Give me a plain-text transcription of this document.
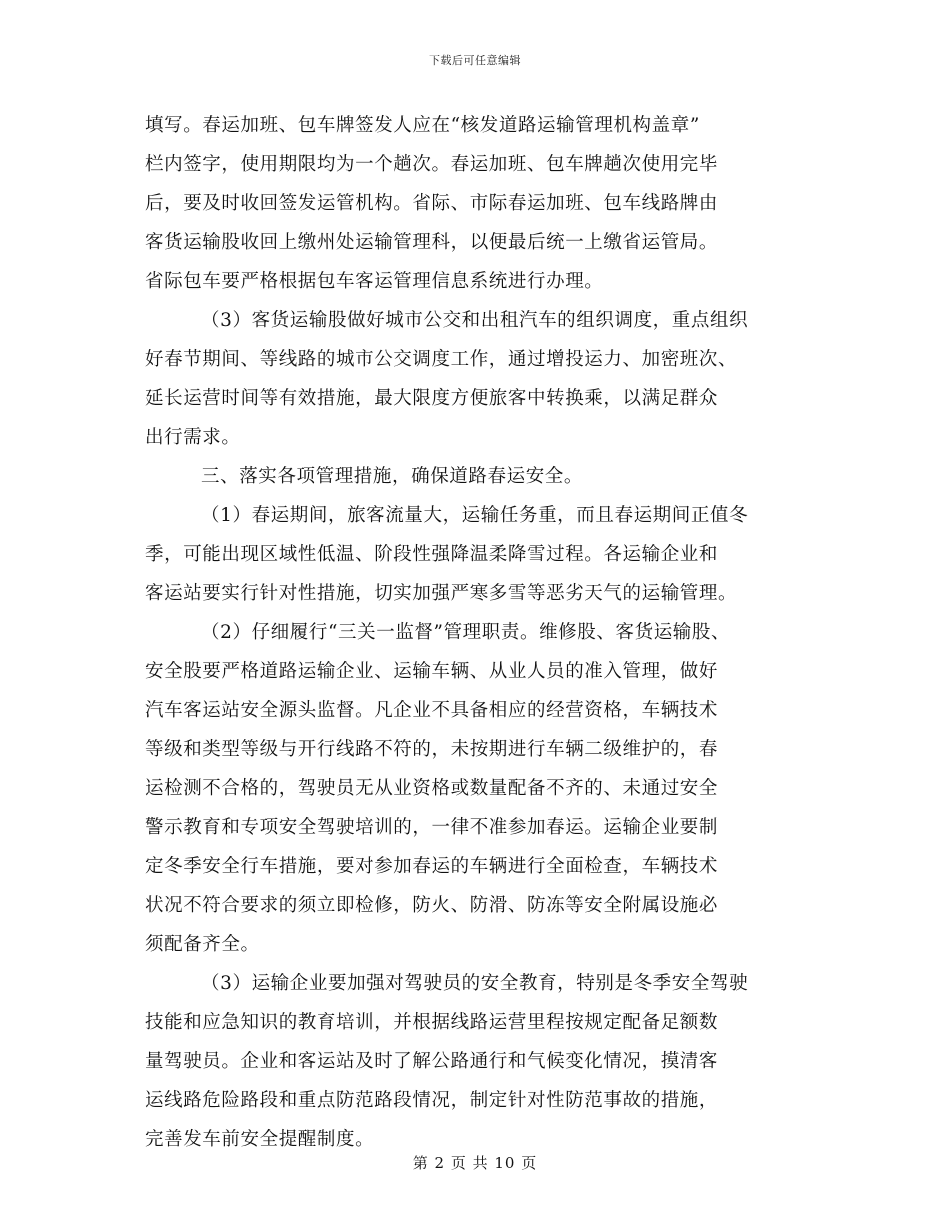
下载后可任意编辑
填写。春运加班、包车牌签发人应在“核发道路运输管理机构盖章”
栏内签字，使用期限均为一个趟次。春运加班、包车牌趟次使用完毕
后，要及时收回签发运管机构。省际、市际春运加班、包车线路牌由
客货运输股收回上缴州处运输管理科，以便最后统一上缴省运管局。
省际包车要严格根据包车客运管理信息系统进行办理。
（3）客货运输股做好城市公交和出租汽车的组织调度，重点组织
好春节期间、等线路的城市公交调度工作，通过增投运力、加密班次、
延长运营时间等有效措施，最大限度方便旅客中转换乘，以满足群众
出行需求。
三、落实各项管理措施，确保道路春运安全。
（1）春运期间，旅客流量大，运输任务重，而且春运期间正值冬
季，可能出现区域性低温、阶段性强降温柔降雪过程。各运输企业和
客运站要实行针对性措施，切实加强严寒多雪等恶劣天气的运输管理。
（2）仔细履行“三关一监督”管理职责。维修股、客货运输股、
安全股要严格道路运输企业、运输车辆、从业人员的准入管理，做好
汽车客运站安全源头监督。凡企业不具备相应的经营资格，车辆技术
等级和类型等级与开行线路不符的，未按期进行车辆二级维护的，春
运检测不合格的，驾驶员无从业资格或数量配备不齐的、未通过安全
警示教育和专项安全驾驶培训的，一律不准参加春运。运输企业要制
定冬季安全行车措施，要对参加春运的车辆进行全面检查，车辆技术
状况不符合要求的须立即检修，防火、防滑、防冻等安全附属设施必
须配备齐全。
（3）运输企业要加强对驾驶员的安全教育，特别是冬季安全驾驶
技能和应急知识的教育培训，并根据线路运营里程按规定配备足额数
量驾驶员。企业和客运站及时了解公路通行和气候变化情况，摸清客
运线路危险路段和重点防范路段情况，制定针对性防范事故的措施，
完善发车前安全提醒制度。
第 2 页 共 10 页
